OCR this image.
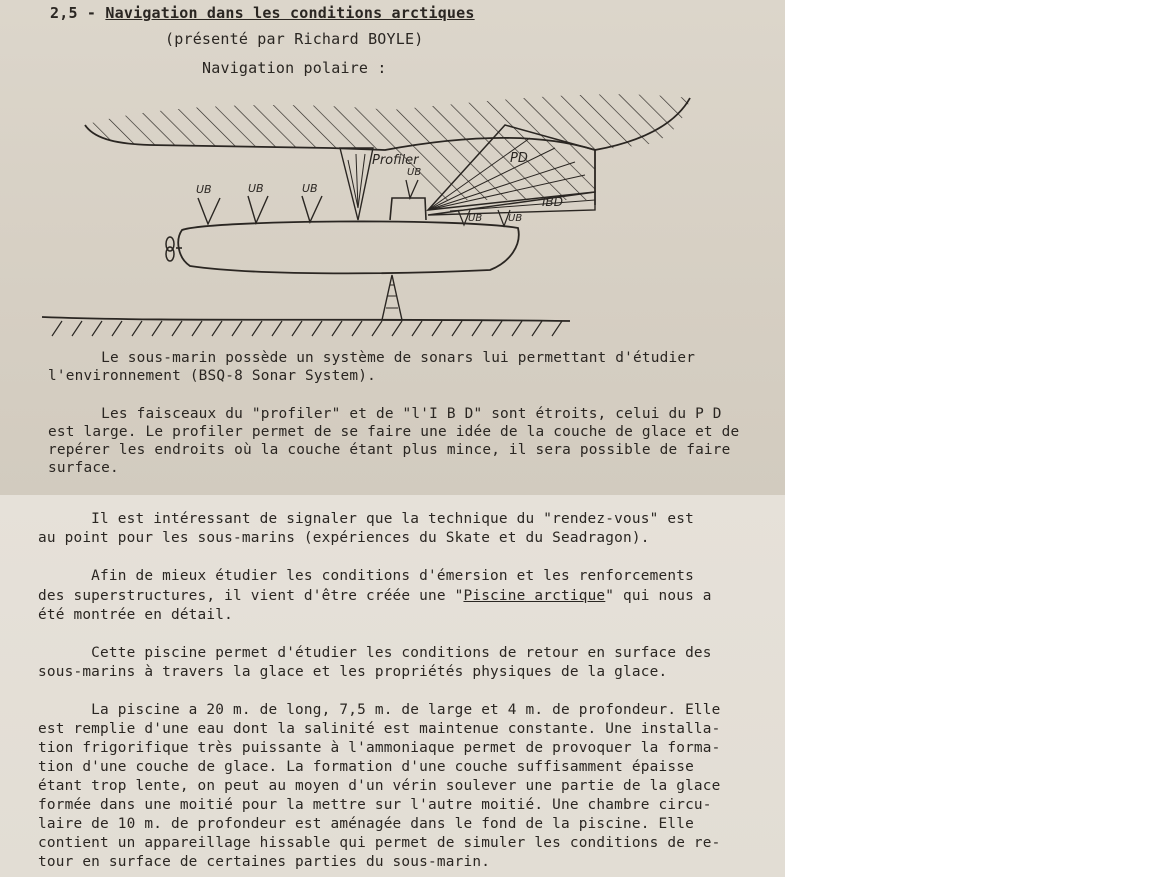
2,5 - Navigation dans les conditions arctiques
(présenté par Richard BOYLE)
Navigation polaire :
Profiler	PD
IBD
UB	UB	UB
UB
UB	UB
Le sous-marin possède un système de sonars lui permettant d'étudier
l'environnement (BSQ-8 Sonar System).
Les faisceaux du "profiler" et de "l'I B D" sont étroits, celui du P D
est large. Le profiler permet de se faire une idée de la couche de glace et de
repérer les endroits où la couche étant plus mince, il sera possible de faire
surface.
Il est intéressant de signaler que la technique du "rendez-vous" est
au point pour les sous-marins (expériences du Skate et du Seadragon).
Afin de mieux étudier les conditions d'émersion et les renforcements
des superstructures, il vient d'être créée une "Piscine arctique" qui nous a
été montrée en détail.
Cette piscine permet d'étudier les conditions de retour en surface des
sous-marins à travers la glace et les propriétés physiques de la glace.
La piscine a 20 m. de long, 7,5 m. de large et 4 m. de profondeur. Elle
est remplie d'une eau dont la salinité est maintenue constante. Une installa-
tion frigorifique très puissante à l'ammoniaque permet de provoquer la forma-
tion d'une couche de glace. La formation d'une couche suffisamment épaisse
étant trop lente, on peut au moyen d'un vérin soulever une partie de la glace
formée dans une moitié pour la mettre sur l'autre moitié. Une chambre circu-
laire de 10 m. de profondeur est aménagée dans le fond de la piscine. Elle
contient un appareillage hissable qui permet de simuler les conditions de re-
tour en surface de certaines parties du sous-marin.
